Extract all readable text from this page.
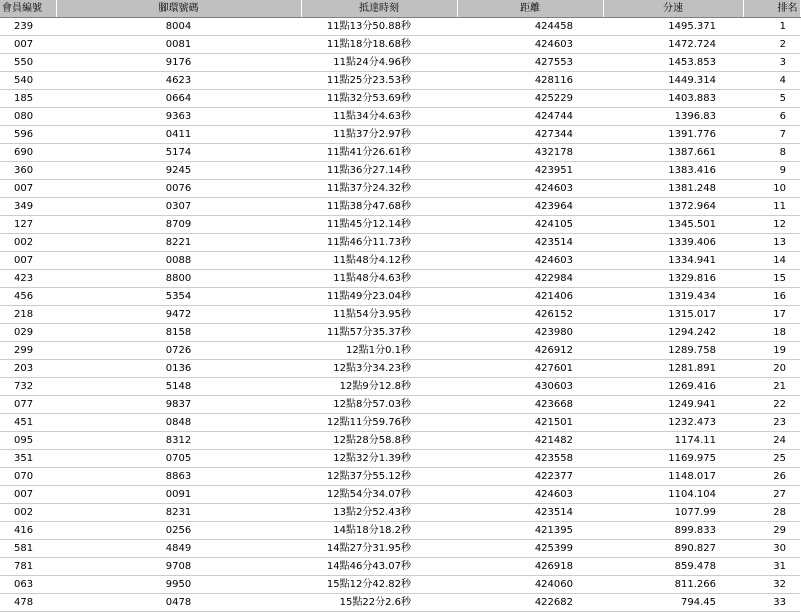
會員編號	腳環號碼	抵達時刻	距離	分速	排名
239	8004	11點13分50.88秒	424458	1495.371	1
007	0081	11點18分18.68秒	424603	1472.724	2
550	9176	11點24分4.96秒	427553	1453.853	3
540	4623	11點25分23.53秒	428116	1449.314	4
185	0664	11點32分53.69秒	425229	1403.883	5
080	9363	11點34分4.63秒	424744	1396.83	6
596	0411	11點37分2.97秒	427344	1391.776	7
690	5174	11點41分26.61秒	432178	1387.661	8
360	9245	11點36分27.14秒	423951	1383.416	9
007	0076	11點37分24.32秒	424603	1381.248	10
349	0307	11點38分47.68秒	423964	1372.964	11
127	8709	11點45分12.14秒	424105	1345.501	12
002	8221	11點46分11.73秒	423514	1339.406	13
007	0088	11點48分4.12秒	424603	1334.941	14
423	8800	11點48分4.63秒	422984	1329.816	15
456	5354	11點49分23.04秒	421406	1319.434	16
218	9472	11點54分3.95秒	426152	1315.017	17
029	8158	11點57分35.37秒	423980	1294.242	18
299	0726	12點1分0.1秒	426912	1289.758	19
203	0136	12點3分34.23秒	427601	1281.891	20
732	5148	12點9分12.8秒	430603	1269.416	21
077	9837	12點8分57.03秒	423668	1249.941	22
451	0848	12點11分59.76秒	421501	1232.473	23
095	8312	12點28分58.8秒	421482	1174.11	24
351	0705	12點32分1.39秒	423558	1169.975	25
070	8863	12點37分55.12秒	422377	1148.017	26
007	0091	12點54分34.07秒	424603	1104.104	27
002	8231	13點2分52.43秒	423514	1077.99	28
416	0256	14點18分18.2秒	421395	899.833	29
581	4849	14點27分31.95秒	425399	890.827	30
781	9708	14點46分43.07秒	426918	859.478	31
063	9950	15點12分42.82秒	424060	811.266	32
478	0478	15點22分2.6秒	422682	794.45	33
